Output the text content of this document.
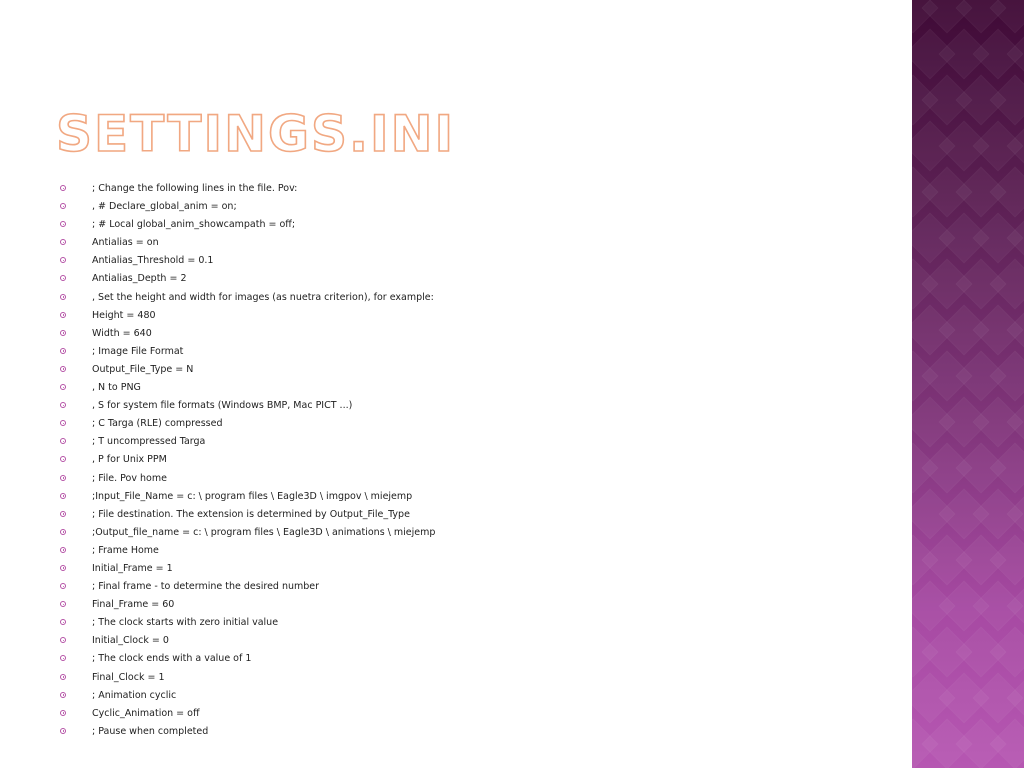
SETTINGS.INI
; Change the following lines in the file. Pov:
, # Declare_global_anim = on;
; # Local global_anim_showcampath = off;
Antialias = on
Antialias_Threshold = 0.1
Antialias_Depth = 2
, Set the height and width for images (as nuetra criterion), for example:
Height = 480
Width = 640
; Image File Format
Output_File_Type = N
, N to PNG
, S for system file formats (Windows BMP, Mac PICT ...)
; C Targa (RLE) compressed
; T uncompressed Targa
, P for Unix PPM
; File. Pov home
;Input_File_Name = c: \ program files \ Eagle3D \ imgpov \ miejemp
; File destination. The extension is determined by Output_File_Type
;Output_file_name = c: \ program files \ Eagle3D \ animations \ miejemp
; Frame Home
Initial_Frame = 1
; Final frame - to determine the desired number
Final_Frame = 60
; The clock starts with zero initial value
Initial_Clock = 0
; The clock ends with a value of 1
Final_Clock = 1
; Animation cyclic
Cyclic_Animation = off
; Pause when completed
